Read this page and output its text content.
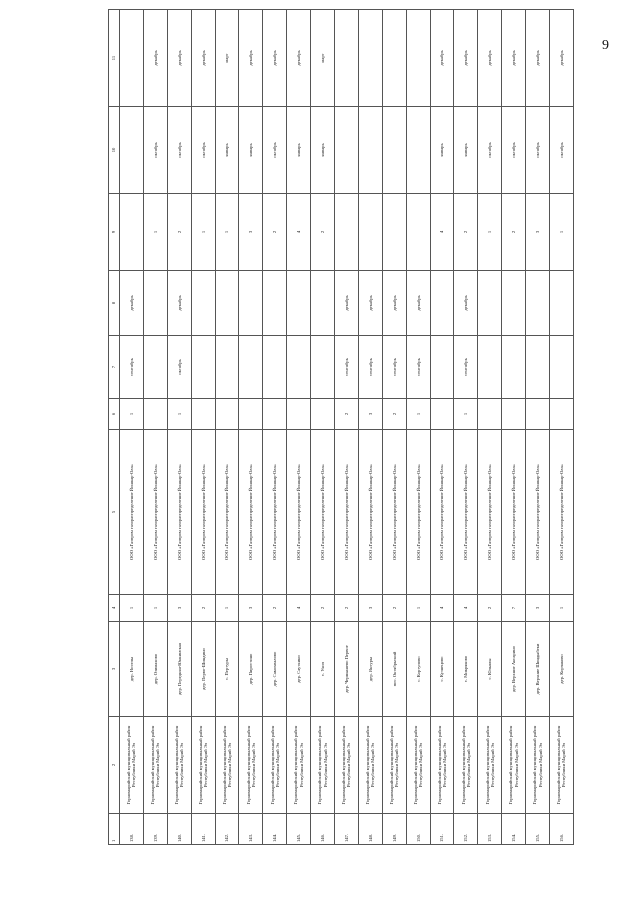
9
1	2	3	4	5	6	7	8	9	10	11
138.	Горномарийский муниципальный район Республики Марий Эл	дер. Носелы	1	ООО «Газпром газораспределение Йошкар-Ола»	1	сентябрь	декабрь			
139.	Горномарийский муниципальный район Республики Марий Эл	дер. Озимахово	1	ООО «Газпром газораспределение Йошкар-Ола»				1	октябрь	декабрь
140.	Горномарийский муниципальный район Республики Марий Эл	дер. Передняя-Юнкинская	3	ООО «Газпром газораспределение Йошкар-Ола»	1	октябрь	декабрь	2	октябрь	декабрь
141.	Горномарийский муниципальный район Республики Марий Эл	дер. Перво-Шиндино	2	ООО «Газпром газораспределение Йошкар-Ола»				1	октябрь	декабрь
142.	Горномарийский муниципальный район Республики Марий Эл	с. Пертуры	1	ООО «Газпром газораспределение Йошкар-Ола»				1	январь	март
143.	Горномарийский муниципальный район Республики Марий Эл	дер. Пиростино	3	ООО «Газпром газораспределение Йошкар-Ола»				3	январь	декабрь
144.	Горномарийский муниципальный район Республики Марий Эл	дер. Самохвалово	2	ООО «Газпром газораспределение Йошкар-Ола»				2	октябрь	декабрь
145.	Горномарийский муниципальный район Республики Марий Эл	дер. Сауткино	4	ООО «Газпром газораспределение Йошкар-Ола»				4	январь	декабрь
146.	Горномарийский муниципальный район Республики Марий Эл	с. Ухоп	2	ООО «Газпром газораспределение Йошкар-Ола»				2	январь	март
147.	Горномарийский муниципальный район Республики Марий Эл	дер. Чермышево Первое	2	ООО «Газпром газораспределение Йошкар-Ола»	2	сентябрь	декабрь			
148.	Горномарийский муниципальный район Республики Марий Эл	дер. Янтуры	3	ООО «Газпром газораспределение Йошкар-Ола»	3	сентябрь	декабрь			
149.	Горномарийский муниципальный район Республики Марий Эл	пос. Октябрьский	2	ООО «Газпром газораспределение Йошкар-Ола»	2	сентябрь	декабрь			
150.	Горномарийский муниципальный район Республики Марий Эл	с. Кортупово	1	ООО «Газпром газораспределение Йошкар-Ола»	1	сентябрь	декабрь			
151.	Горномарийский муниципальный район Республики Марий Эл	с. Кузнецово	4	ООО «Газпром газораспределение Йошкар-Ола»				4	январь	декабрь
152.	Горномарийский муниципальный район Республики Марий Эл	с. Микряково	4	ООО «Газпром газораспределение Йошкар-Ола»	1	сентябрь	декабрь	2	январь	декабрь
153.	Горномарийский муниципальный район Республики Марий Эл	с. Юльялы	2	ООО «Газпром газораспределение Йошкар-Ола»				1	октябрь	декабрь
154.	Горномарийский муниципальный район Республики Марий Эл	дер. Верхние Аксарино	7	ООО «Газпром газораспределение Йошкар-Ола»				2	октябрь	декабрь
155.	Горномарийский муниципальный район Республики Марий Эл	дер. Верхние Шиндыбеки	3	ООО «Газпром газораспределение Йошкар-Ола»				3	октябрь	декабрь
156.	Горномарийский муниципальный район Республики Марий Эл	дер. Корчаково	1	ООО «Газпром газораспределение Йошкар-Ола»				1	октябрь	декабрь
